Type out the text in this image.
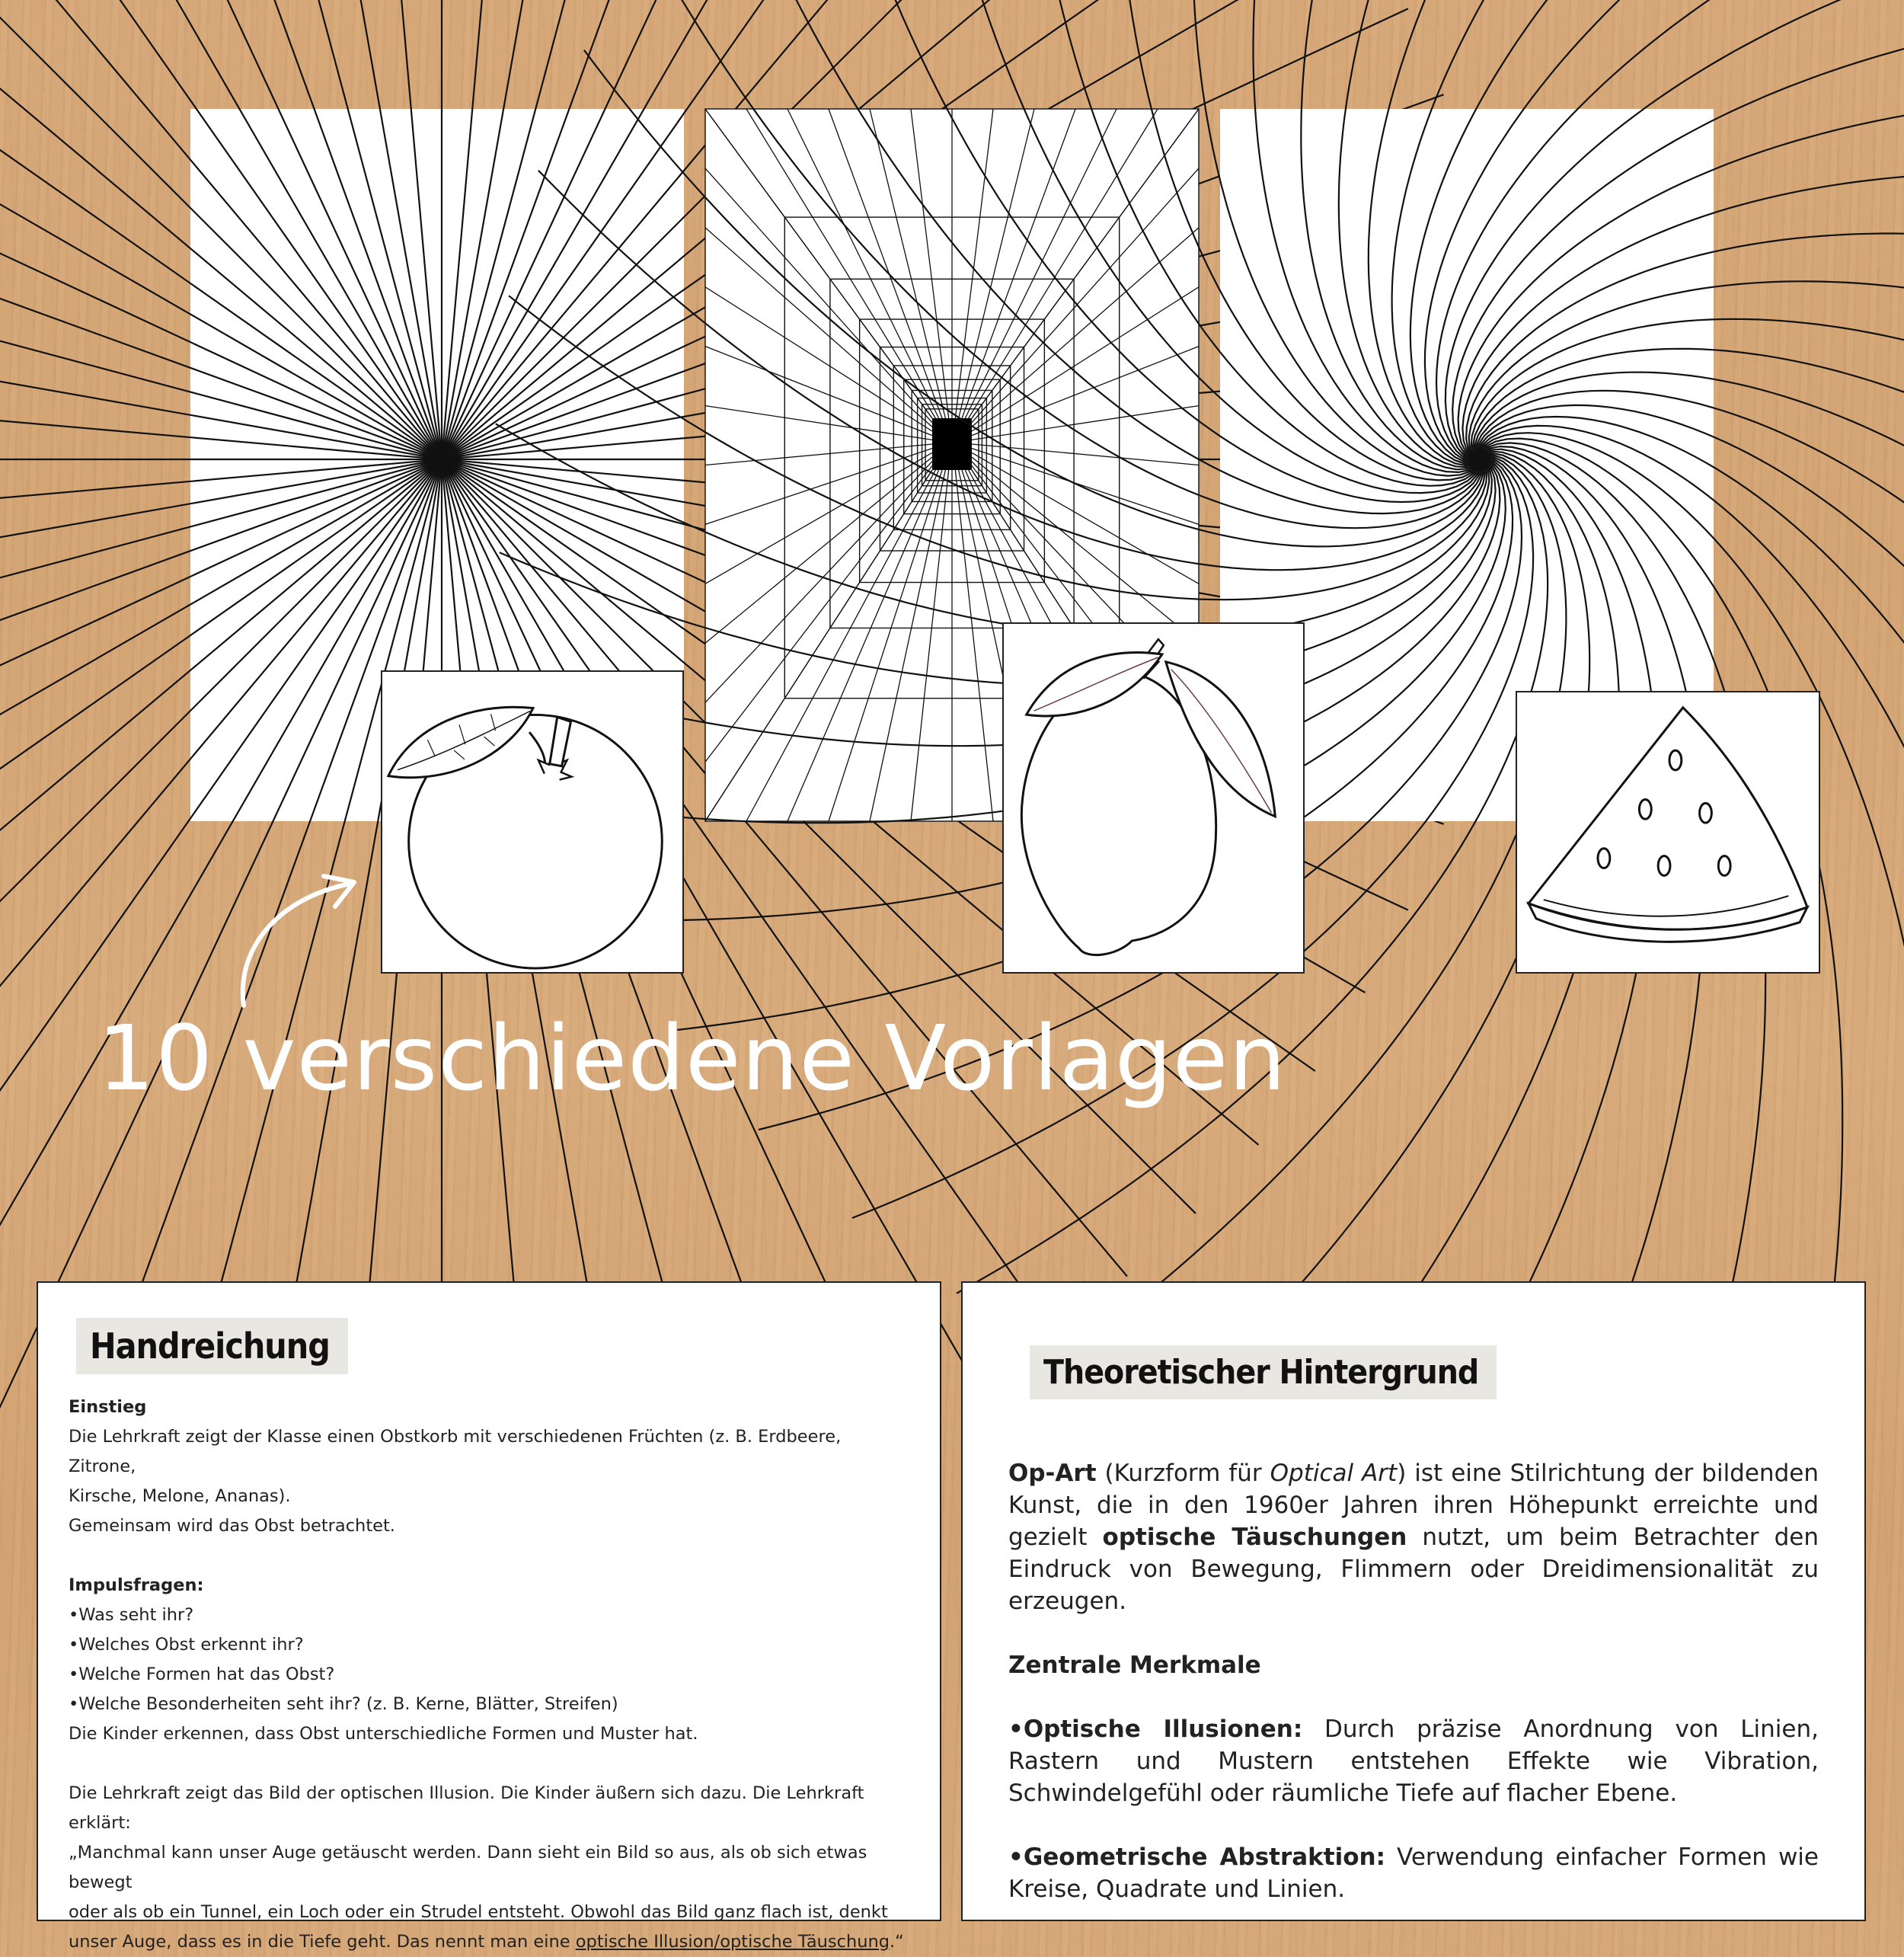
10 verschiedene Vorlagen
Handreichung

Einstieg

Die Lehrkraft zeigt der Klasse einen Obstkorb mit verschiedenen Früchten (z. B. Erdbeere, Zitrone,

Kirsche, Melone, Ananas).

Gemeinsam wird das Obst betrachtet.

Impulsfragen:

•Was seht ihr?

•Welches Obst erkennt ihr?

•Welche Formen hat das Obst?

•Welche Besonderheiten seht ihr? (z. B. Kerne, Blätter, Streifen)

Die Kinder erkennen, dass Obst unterschiedliche Formen und Muster hat.

Die Lehrkraft zeigt das Bild der optischen Illusion. Die Kinder äußern sich dazu. Die Lehrkraft erklärt:

„Manchmal kann unser Auge getäuscht werden. Dann sieht ein Bild so aus, als ob sich etwas bewegt

oder als ob ein Tunnel, ein Loch oder ein Strudel entsteht. Obwohl das Bild ganz flach ist, denkt

unser Auge, dass es in die Tiefe geht. Das nennt man eine optische Illusion/optische Täuschung.“

Theoretischer Hintergrund

Op-Art (Kurzform für Optical Art) ist eine Stilrichtung der bildenden Kunst, die in den 1960er Jahren ihren Höhepunkt erreichte und gezielt optische Täuschungen nutzt, um beim Betrachter den Eindruck von Bewegung, Flimmern oder Dreidimensionalität zu erzeugen.

Zentrale Merkmale

•Optische Illusionen: Durch präzise Anordnung von Linien, Rastern und Mustern entstehen Effekte wie Vibration, Schwindelgefühl oder räumliche Tiefe auf flacher Ebene.

•Geometrische Abstraktion: Verwendung einfacher Formen wie Kreise, Quadrate und Linien.
